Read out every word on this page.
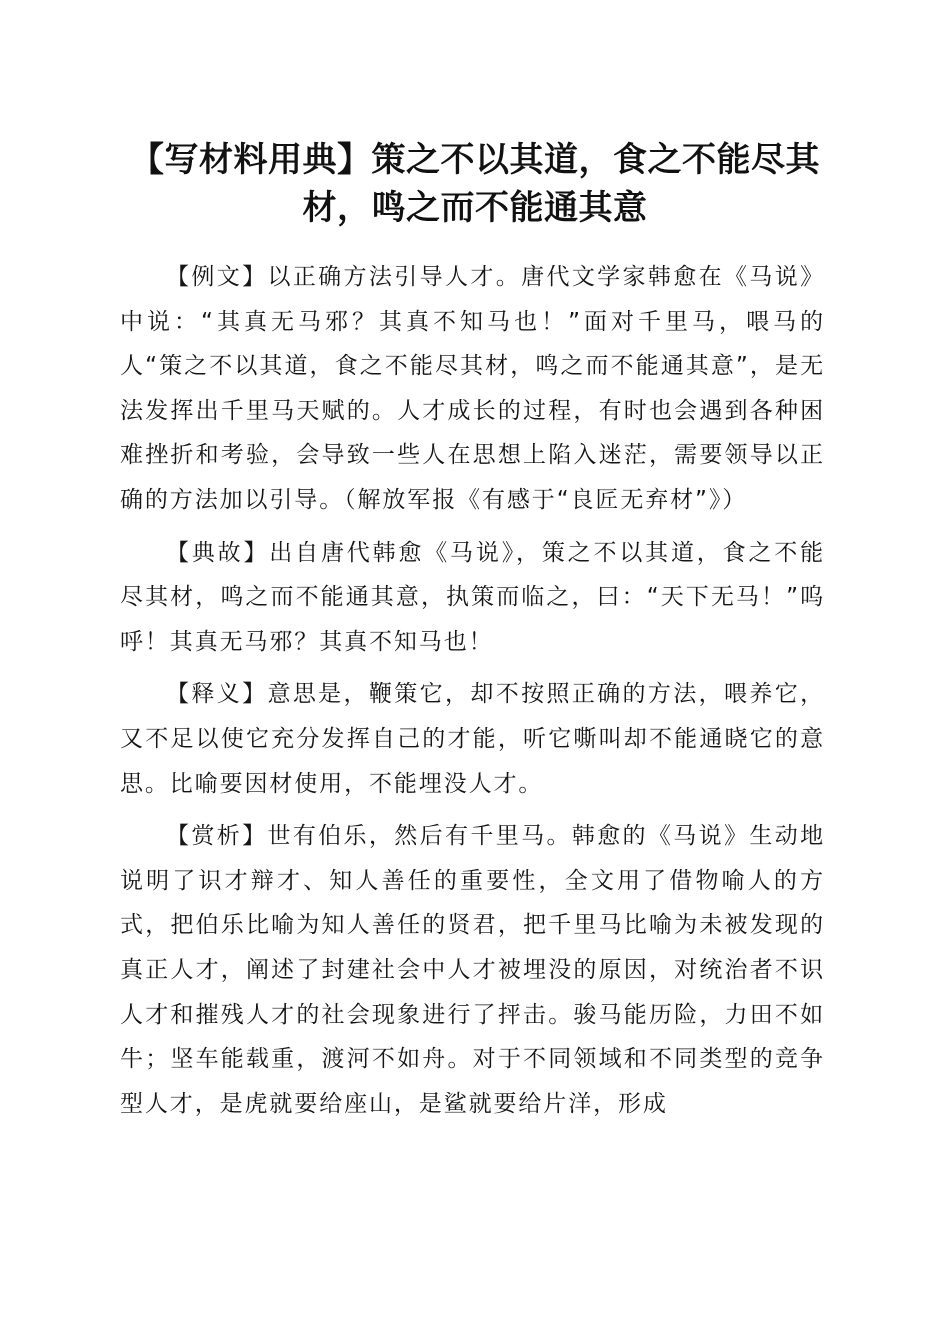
【写材料用典】策之不以其道，食之不能尽其材，鸣之而不能通其意

【例文】以正确方法引导人才。唐代文学家韩愈在《马说》中说：“其真无马邪？其真不知马也！”面对千里马，喂马的人“策之不以其道，食之不能尽其材，鸣之而不能通其意”，是无法发挥出千里马天赋的。人才成长的过程，有时也会遇到各种困难挫折和考验，会导致一些人在思想上陷入迷茫，需要领导以正确的方法加以引导。（解放军报《有感于“良匠无弃材”》）

【典故】出自唐代韩愈《马说》，策之不以其道，食之不能尽其材，鸣之而不能通其意，执策而临之，曰：“天下无马！”呜呼！其真无马邪？其真不知马也！

【释义】意思是，鞭策它，却不按照正确的方法，喂养它，又不足以使它充分发挥自己的才能，听它嘶叫却不能通晓它的意思。比喻要因材使用，不能埋没人才。

【赏析】世有伯乐，然后有千里马。韩愈的《马说》生动地说明了识才辩才、知人善任的重要性，全文用了借物喻人的方式，把伯乐比喻为知人善任的贤君，把千里马比喻为未被发现的真正人才，阐述了封建社会中人才被埋没的原因，对统治者不识人才和摧残人才的社会现象进行了抨击。骏马能历险，力田不如牛；坚车能载重，渡河不如舟。对于不同领域和不同类型的竞争型人才，是虎就要给座山，是鲨就要给片洋，形成
